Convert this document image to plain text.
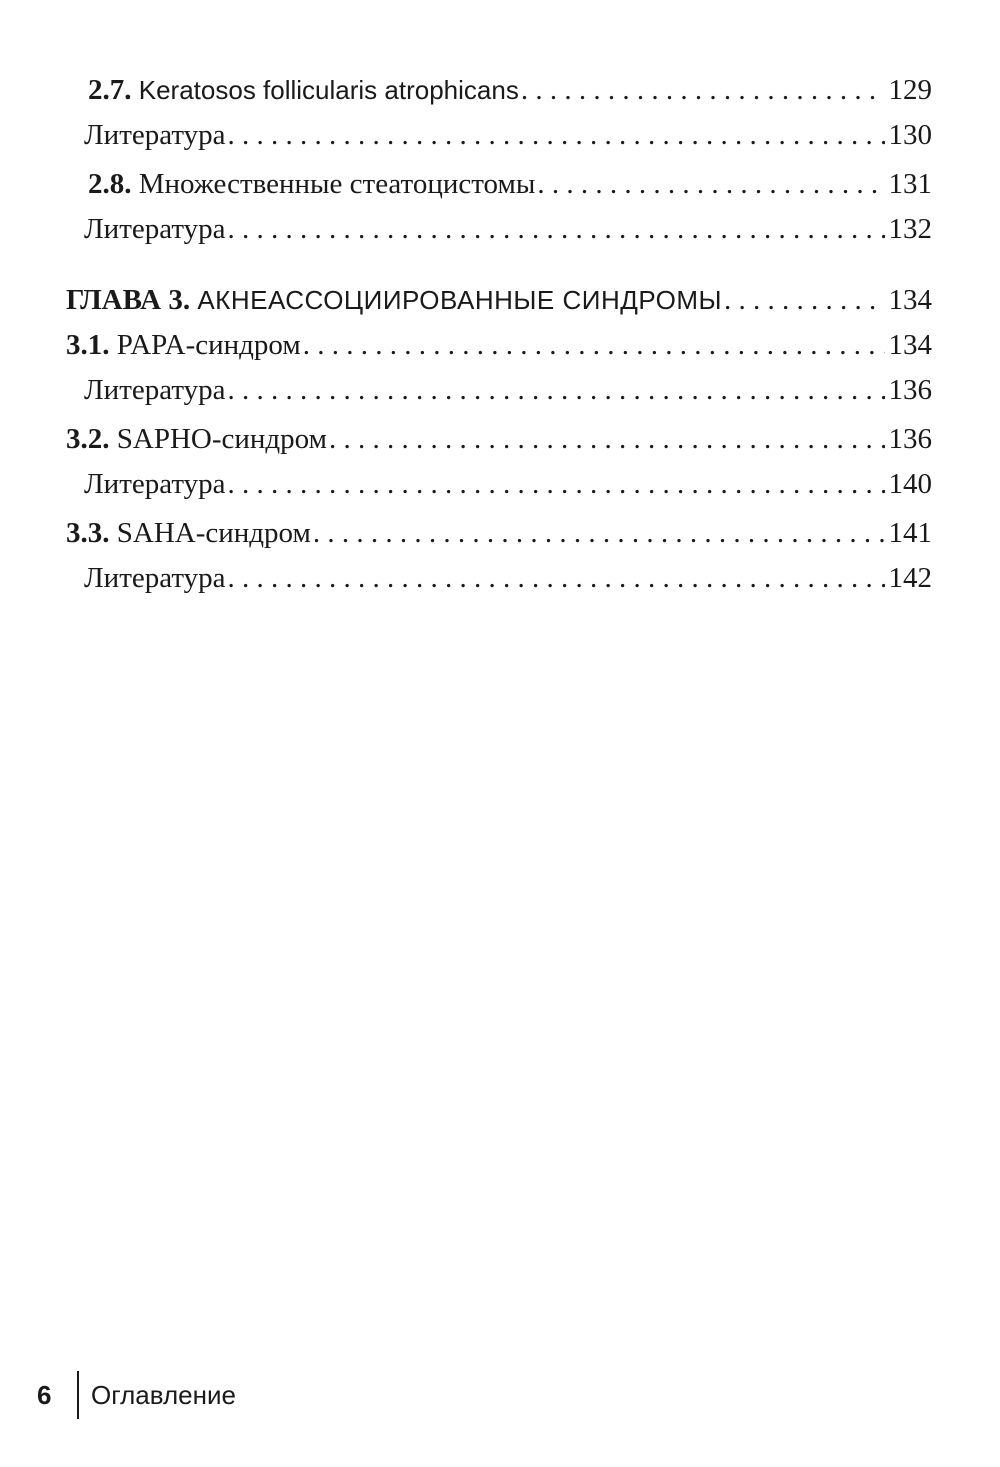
2.7. Keratosos follicularis atrophicans . . .	129
Литература . . .	130
2.8. Множественные стеатоцистомы . . .	131
Литература . . .	132
ГЛАВА 3. АКНЕАССОЦИИРОВАННЫЕ СИНДРОМЫ . . .	134
3.1. PAPA-синдром . . .	134
Литература . . .	136
3.2. SAPHO-синдром . . .	136
Литература . . .	140
3.3. SAHA-синдром . . .	141
Литература . . .	142
6	Оглавление
